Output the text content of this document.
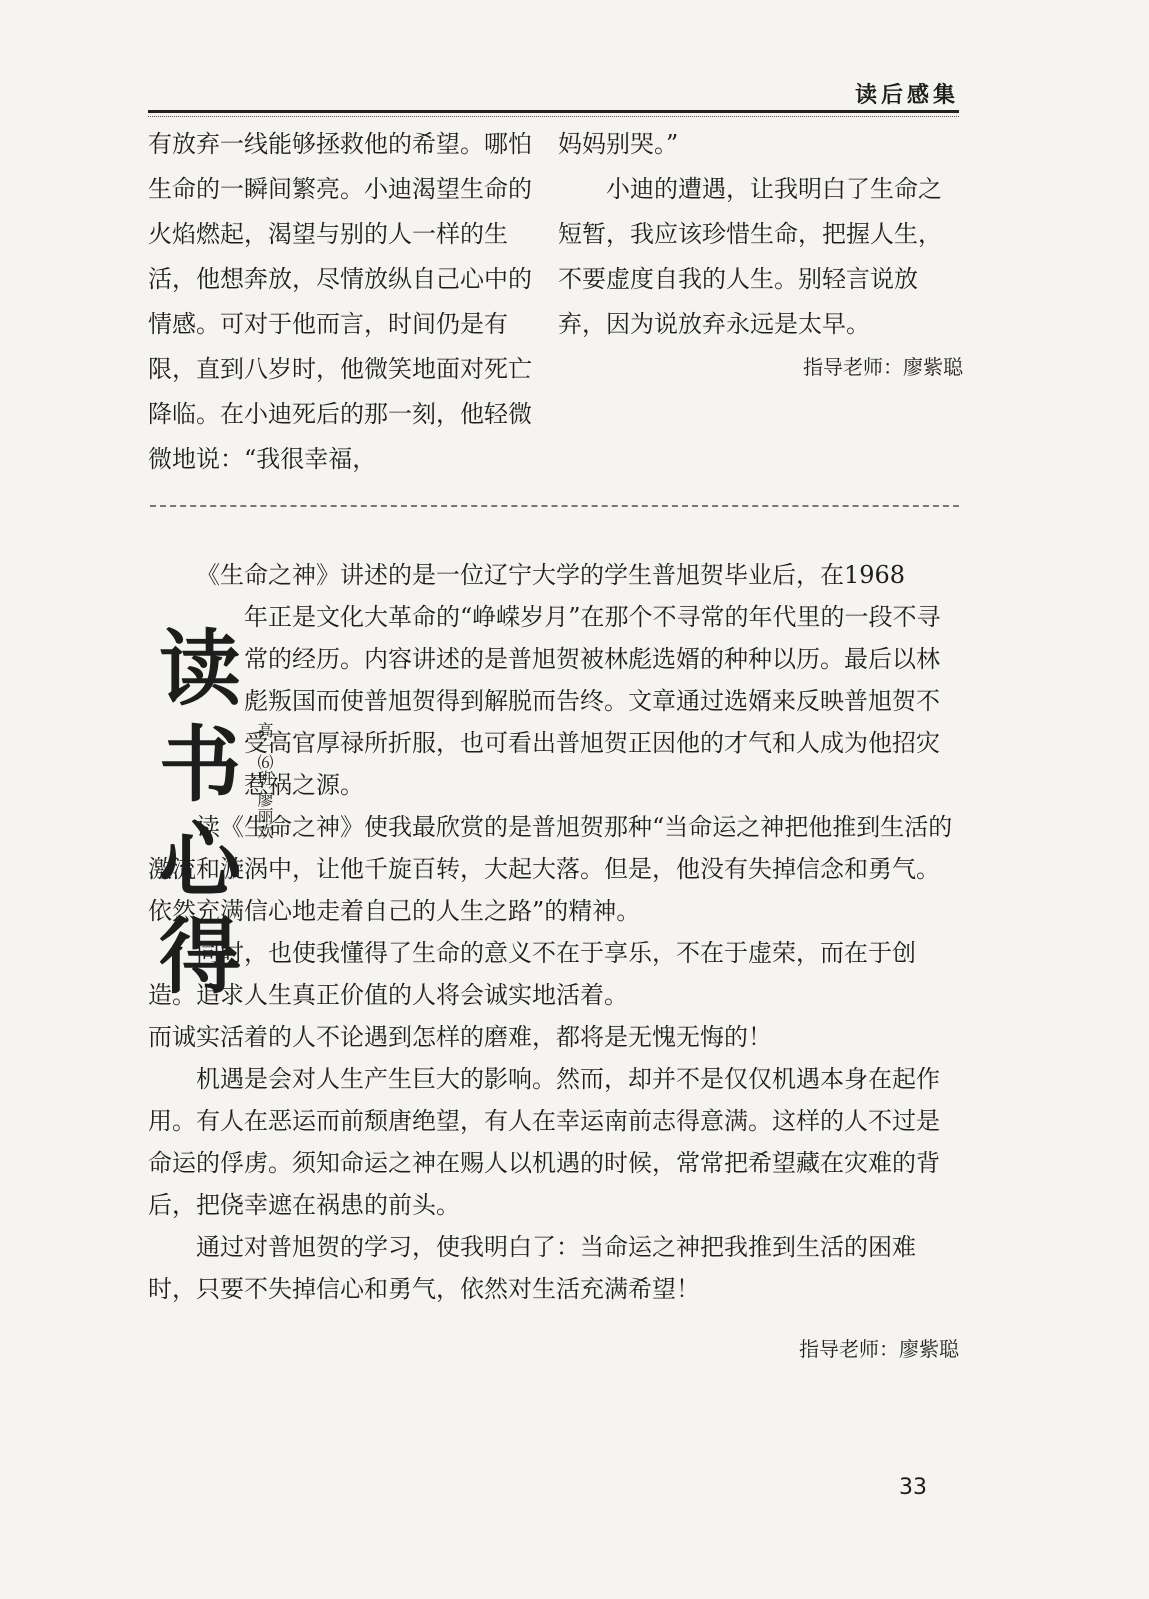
读后感集

有放弃一线能够拯救他的希望。哪怕生命的一瞬间繁亮。小迪渴望生命的火焰燃起，渴望与别的人一样的生活，他想奔放，尽情放纵自己心中的情感。可对于他而言，时间仍是有限，直到八岁时，他微笑地面对死亡降临。在小迪死后的那一刻，他轻微微地说：“我很幸福，

妈妈别哭。”

小迪的遭遇，让我明白了生命之短暂，我应该珍惜生命，把握人生，不要虚度自我的人生。别轻言说放弃，因为说放弃永远是太早。

指导老师：廖紫聪

读
书
心
得
高一⑹班 廖丽欢

《生命之神》讲述的是一位辽宁大学的学生普旭贺毕业后，在1968

年正是文化大革命的“峥嵘岁月”在那个不寻常的年代里的一段不寻常的经历。内容讲述的是普旭贺被林彪选婿的种种以历。最后以林彪叛国而使普旭贺得到解脱而告终。文章通过选婿来反映普旭贺不受高官厚禄所折服，也可看出普旭贺正因他的才气和人成为他招灾惹祸之源。

读《生命之神》使我最欣赏的是普旭贺那种“当命运之神把他推到生活的激流和漩涡中，让他千旋百转，大起大落。但是，他没有失掉信念和勇气。依然充满信心地走着自己的人生之路”的精神。

同时，也使我懂得了生命的意义不在于享乐，不在于虚荣，而在于创造。追求人生真正价值的人将会诚实地活着。

而诚实活着的人不论遇到怎样的磨难，都将是无愧无悔的！

机遇是会对人生产生巨大的影响。然而，却并不是仅仅机遇本身在起作用。有人在恶运而前颓唐绝望，有人在幸运南前志得意满。这样的人不过是命运的俘虏。须知命运之神在赐人以机遇的时候，常常把希望藏在灾难的背后，把侥幸遮在祸患的前头。

通过对普旭贺的学习，使我明白了：当命运之神把我推到生活的困难时，只要不失掉信心和勇气，依然对生活充满希望！

指导老师：廖紫聪
33
